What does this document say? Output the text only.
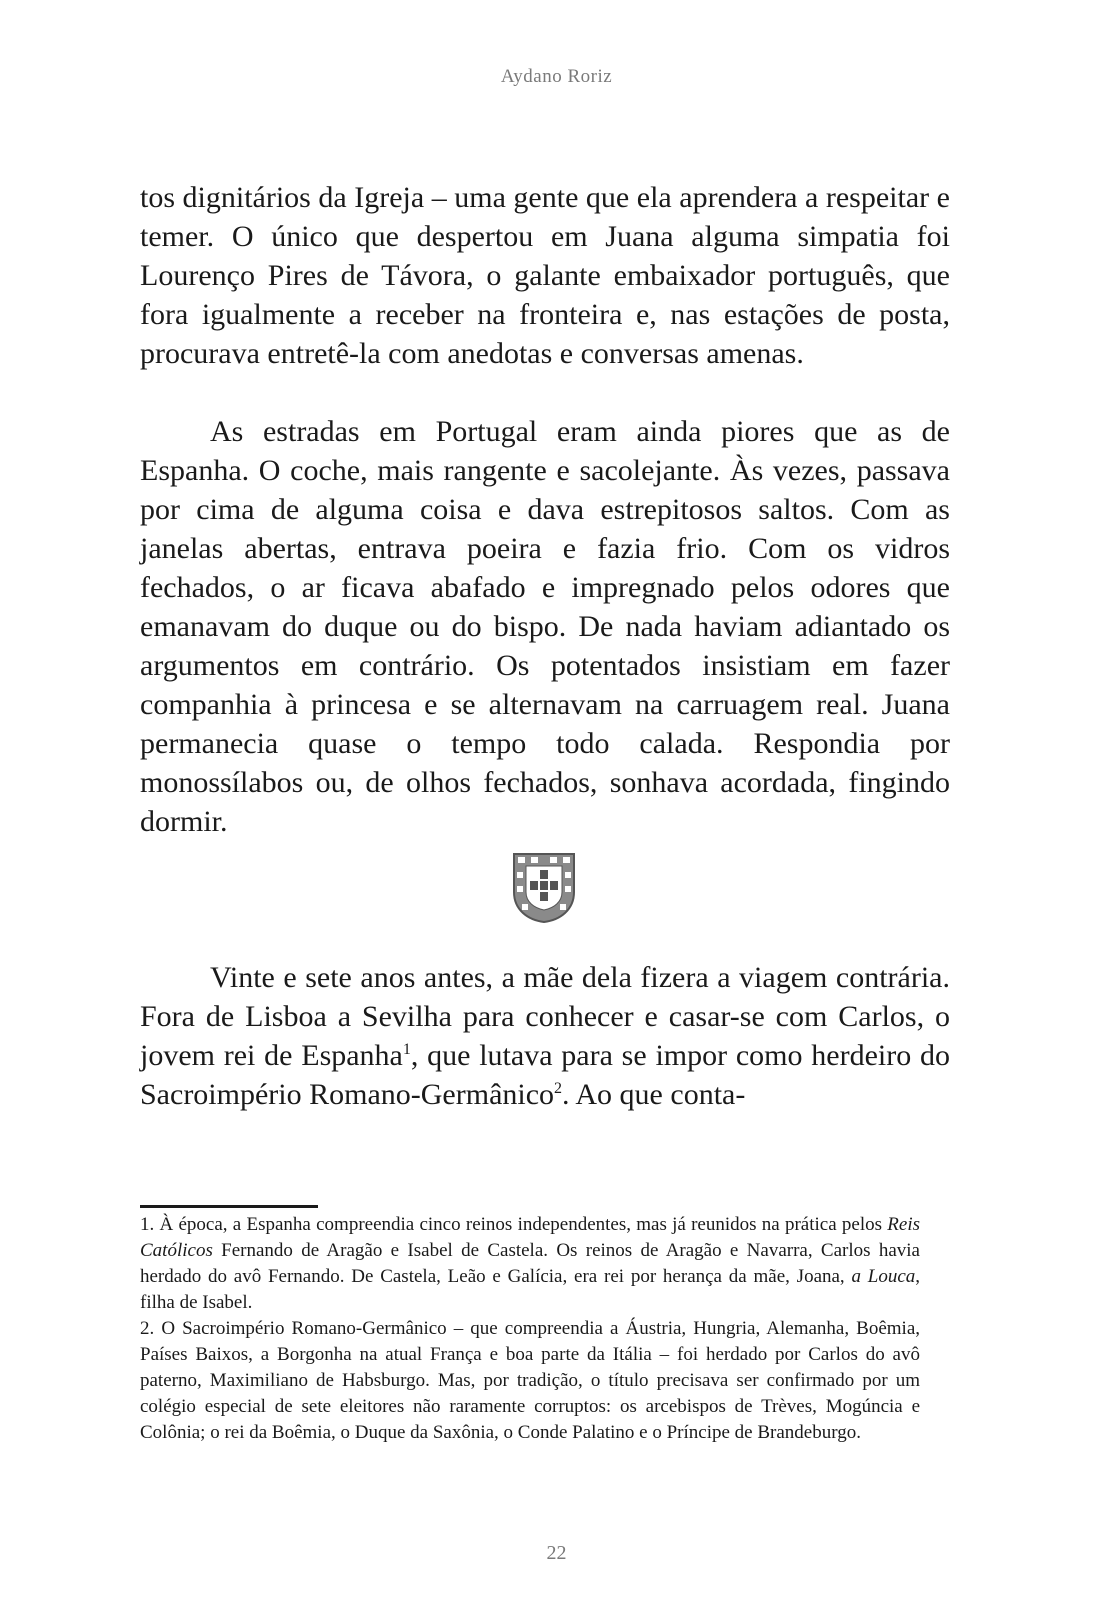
Aydano Roriz

tos dignitários da Igreja – uma gente que ela aprendera a respeitar e temer. O único que despertou em Juana alguma simpatia foi Lourenço Pires de Távora, o galante embaixador português, que fora igualmente a receber na fronteira e, nas estações de posta, procurava entretê-la com anedotas e conversas amenas.

As estradas em Portugal eram ainda piores que as de Espanha. O coche, mais rangente e sacolejante. Às vezes, passava por cima de alguma coisa e dava estrepitosos saltos. Com as janelas abertas, entrava poeira e fazia frio. Com os vidros fechados, o ar ficava abafado e impregnado pelos odores que emanavam do duque ou do bispo. De nada haviam adiantado os argumentos em contrário. Os potentados insistiam em fazer companhia à princesa e se alternavam na carruagem real. Juana permanecia quase o tempo todo calada. Respondia por monossílabos ou, de olhos fechados, sonhava acordada, fingindo dormir.

Vinte e sete anos antes, a mãe dela fizera a viagem contrária. Fora de Lisboa a Sevilha para conhecer e casar-se com Carlos, o jovem rei de Espanha$^1$, que lutava para se impor como herdeiro do Sacroimpério Romano-Germânico$^2$. Ao que conta-

1. À época, a Espanha compreendia cinco reinos independentes, mas já reunidos na prática pelos Reis Católicos Fernando de Aragão e Isabel de Castela. Os reinos de Aragão e Navarra, Carlos havia herdado do avô Fernando. De Castela, Leão e Galícia, era rei por herança da mãe, Joana, a Louca, filha de Isabel.

2. O Sacroimpério Romano-Germânico – que compreendia a Áustria, Hungria, Alemanha, Boêmia, Países Baixos, a Borgonha na atual França e boa parte da Itália – foi herdado por Carlos do avô paterno, Maximiliano de Habsburgo. Mas, por tradição, o título precisava ser confirmado por um colégio especial de sete eleitores não raramente corruptos: os arcebispos de Trèves, Mogúncia e Colônia; o rei da Boêmia, o Duque da Saxônia, o Conde Palatino e o Príncipe de Brandeburgo.

22
